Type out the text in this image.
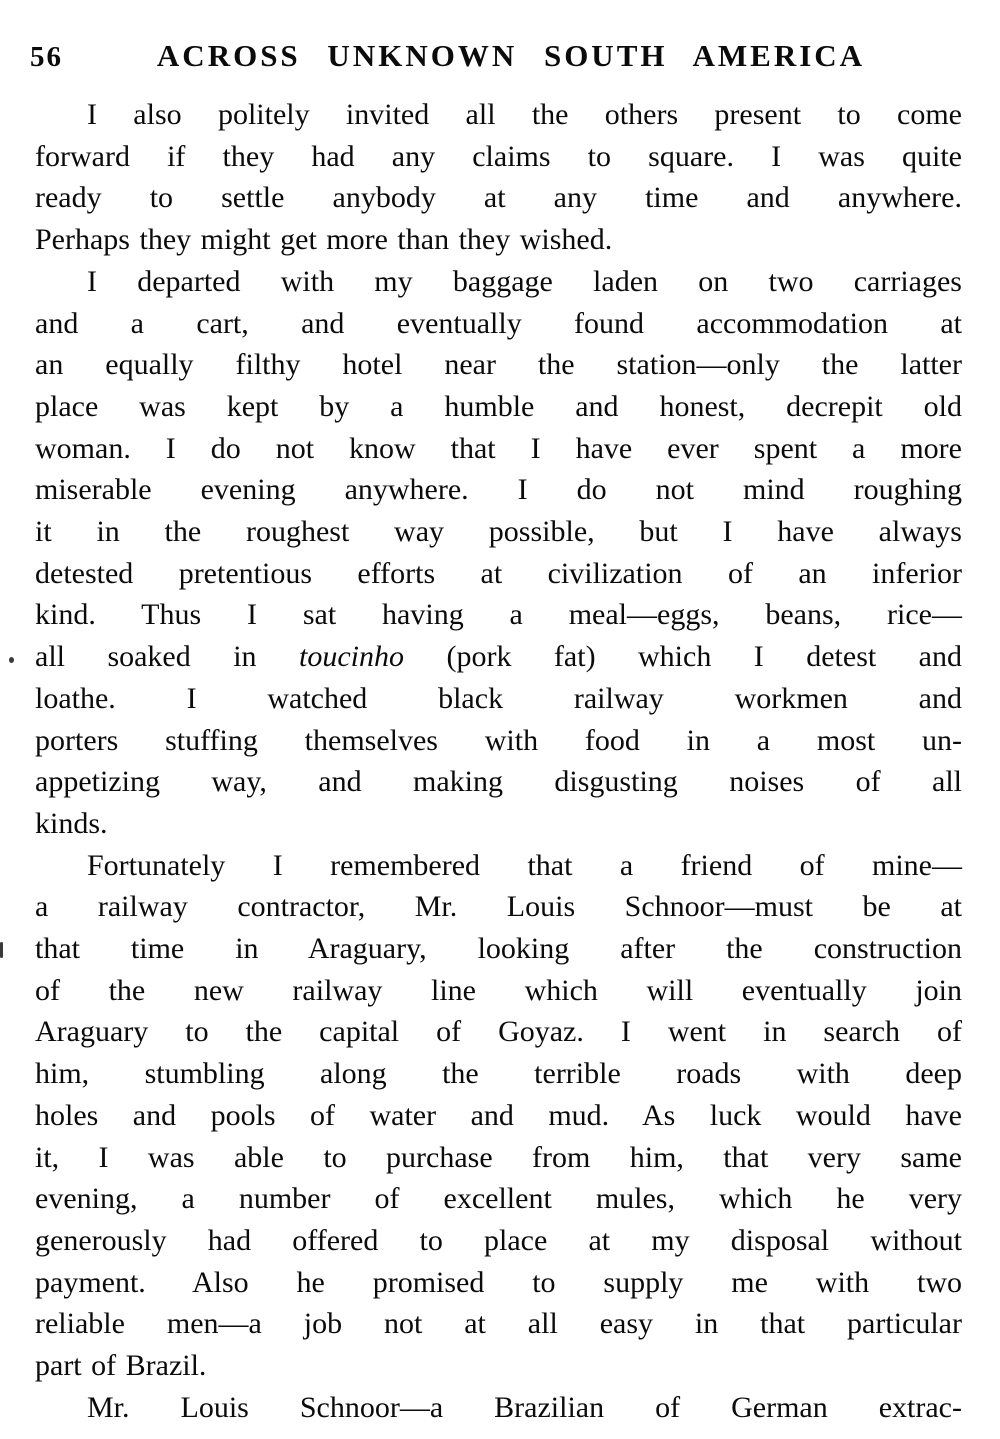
56	ACROSS UNKNOWN SOUTH AMERICA
I also politely invited all the others present to come
forward if they had any claims to square. I was quite
ready to settle anybody at any time and anywhere.
Perhaps they might get more than they wished.
I departed with my baggage laden on two carriages
and a cart, and eventually found accommodation at
an equally filthy hotel near the station—only the latter
place was kept by a humble and honest, decrepit old
woman. I do not know that I have ever spent a more
miserable evening anywhere. I do not mind roughing
it in the roughest way possible, but I have always
detested pretentious efforts at civilization of an inferior
kind. Thus I sat having a meal—eggs, beans, rice—
all soaked in toucinho (pork fat) which I detest and
loathe. I watched black railway workmen and
porters stuffing themselves with food in a most un-
appetizing way, and making disgusting noises of all
kinds.
Fortunately I remembered that a friend of mine—
a railway contractor, Mr. Louis Schnoor—must be at
that time in Araguary, looking after the construction
of the new railway line which will eventually join
Araguary to the capital of Goyaz. I went in search of
him, stumbling along the terrible roads with deep
holes and pools of water and mud. As luck would have
it, I was able to purchase from him, that very same
evening, a number of excellent mules, which he very
generously had offered to place at my disposal without
payment. Also he promised to supply me with two
reliable men—a job not at all easy in that particular
part of Brazil.
Mr. Louis Schnoor—a Brazilian of German extrac-
